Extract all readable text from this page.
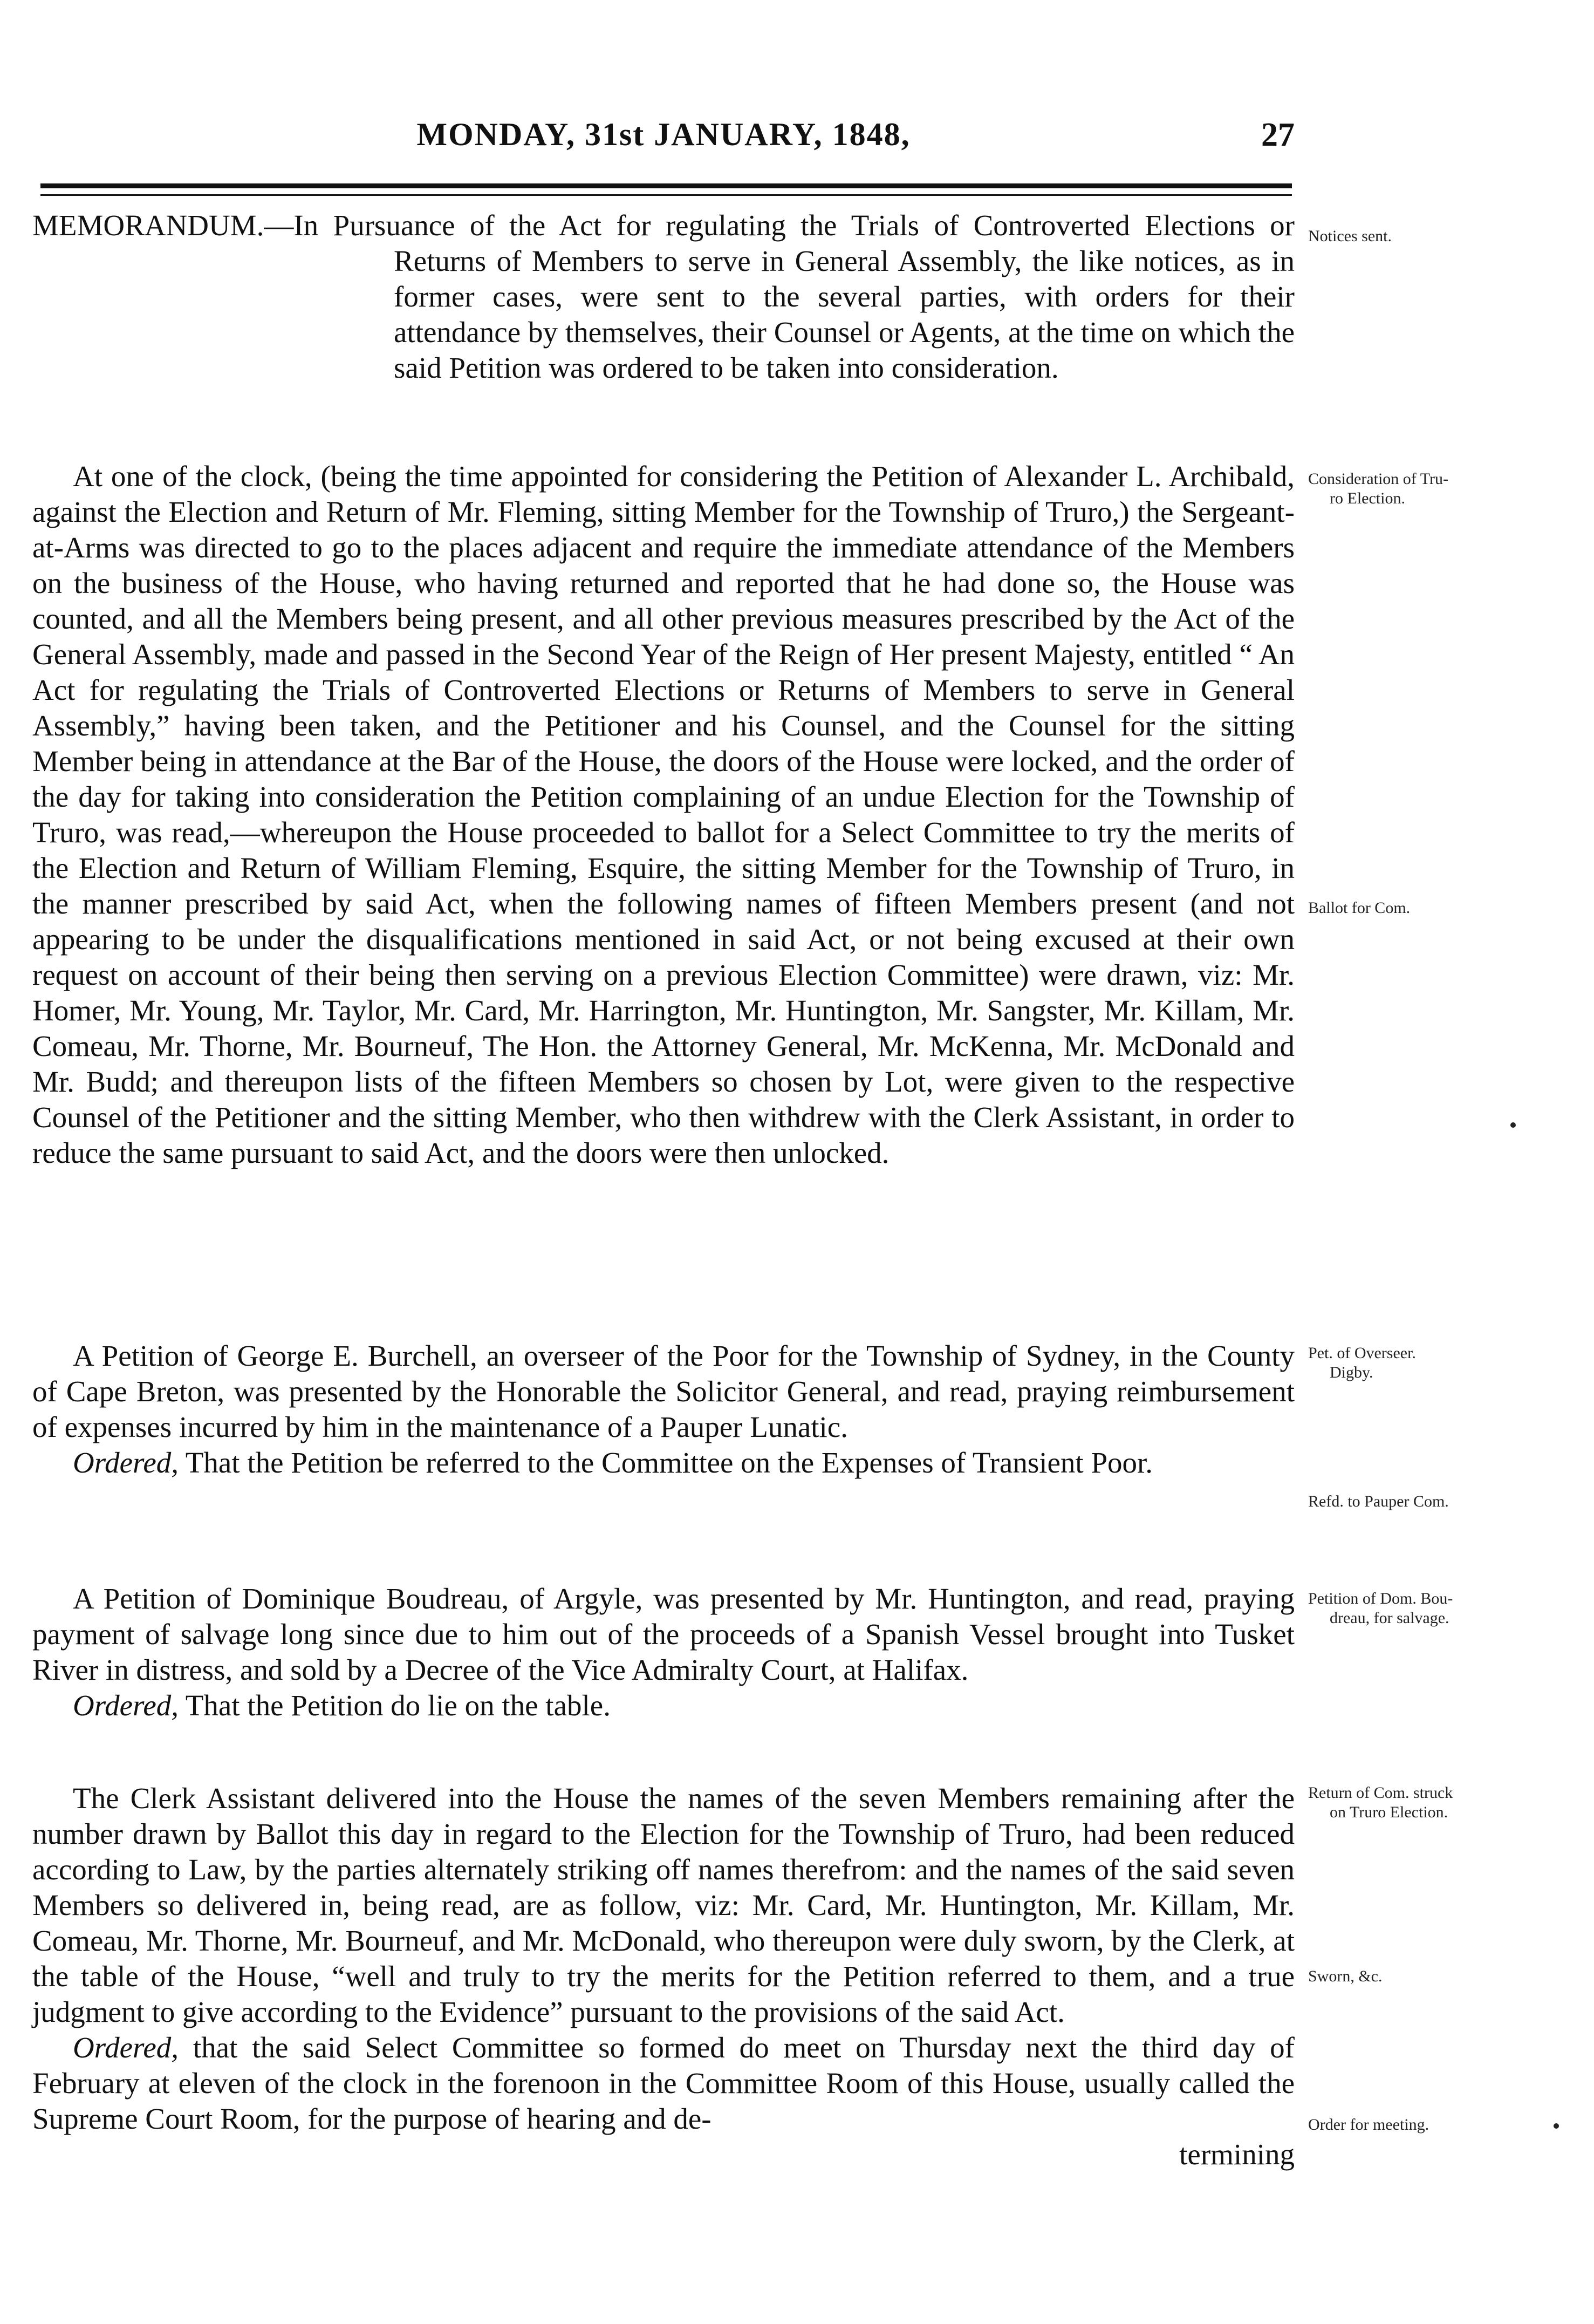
MONDAY, 31st JANUARY, 1848,	27

MEMORANDUM.—In Pursuance of the Act for regulating the Trials of Controverted Elections or Returns of Members to serve in General Assembly, the like notices, as in former cases, were sent to the several parties, with orders for their attendance by themselves, their Counsel or Agents, at the time on which the said Petition was ordered to be taken into consideration.

At one of the clock, (being the time appointed for considering the Petition of Alexander L. Archibald, against the Election and Return of Mr. Fleming, sitting Member for the Township of Truro,) the Sergeant-at-Arms was directed to go to the places adjacent and require the immediate attendance of the Members on the business of the House, who having returned and reported that he had done so, the House was counted, and all the Members being present, and all other previous measures prescribed by the Act of the General Assembly, made and passed in the Second Year of the Reign of Her present Majesty, entitled “ An Act for regulating the Trials of Controverted Elections or Returns of Members to serve in General Assembly,” having been taken, and the Petitioner and his Counsel, and the Counsel for the sitting Member being in attendance at the Bar of the House, the doors of the House were locked, and the order of the day for taking into consideration the Petition complaining of an undue Election for the Township of Truro, was read,—whereupon the House proceeded to ballot for a Select Committee to try the merits of the Election and Return of William Fleming, Esquire, the sitting Member for the Township of Truro, in the manner prescribed by said Act, when the following names of fifteen Members present (and not appearing to be under the disqualifications mentioned in said Act, or not being excused at their own request on account of their being then serving on a previous Election Committee) were drawn, viz: Mr. Homer, Mr. Young, Mr. Taylor, Mr. Card, Mr. Harrington, Mr. Huntington, Mr. Sangster, Mr. Killam, Mr. Comeau, Mr. Thorne, Mr. Bourneuf, The Hon. the Attorney General, Mr. McKenna, Mr. McDonald and Mr. Budd; and thereupon lists of the fifteen Members so chosen by Lot, were given to the respective Counsel of the Petitioner and the sitting Member, who then withdrew with the Clerk Assistant, in order to reduce the same pursuant to said Act, and the doors were then unlocked.

A Petition of George E. Burchell, an overseer of the Poor for the Township of Sydney, in the County of Cape Breton, was presented by the Honorable the Solicitor General, and read, praying reimbursement of expenses incurred by him in the maintenance of a Pauper Lunatic.

Ordered, That the Petition be referred to the Committee on the Expenses of Transient Poor.

A Petition of Dominique Boudreau, of Argyle, was presented by Mr. Huntington, and read, praying payment of salvage long since due to him out of the proceeds of a Spanish Vessel brought into Tusket River in distress, and sold by a Decree of the Vice Admiralty Court, at Halifax.

Ordered, That the Petition do lie on the table.

The Clerk Assistant delivered into the House the names of the seven Members remaining after the number drawn by Ballot this day in regard to the Election for the Township of Truro, had been reduced according to Law, by the parties alternately striking off names therefrom: and the names of the said seven Members so delivered in, being read, are as follow, viz: Mr. Card, Mr. Huntington, Mr. Killam, Mr. Comeau, Mr. Thorne, Mr. Bourneuf, and Mr. McDonald, who thereupon were duly sworn, by the Clerk, at the table of the House, “well and truly to try the merits for the Petition referred to them, and a true judgment to give according to the Evidence” pursuant to the provisions of the said Act.

Ordered, that the said Select Committee so formed do meet on Thursday next the third day of February at eleven of the clock in the forenoon in the Committee Room of this House, usually called the Supreme Court Room, for the purpose of hearing and de-

termining

Notices sent.
Consideration of Tru-
ro Election.
Ballot for Com.
Pet. of Overseer.
Digby.
Refd. to Pauper Com.
Petition of Dom. Bou-
dreau, for salvage.
Return of Com. struck
on Truro Election.
Sworn, &c.
Order for meeting.
